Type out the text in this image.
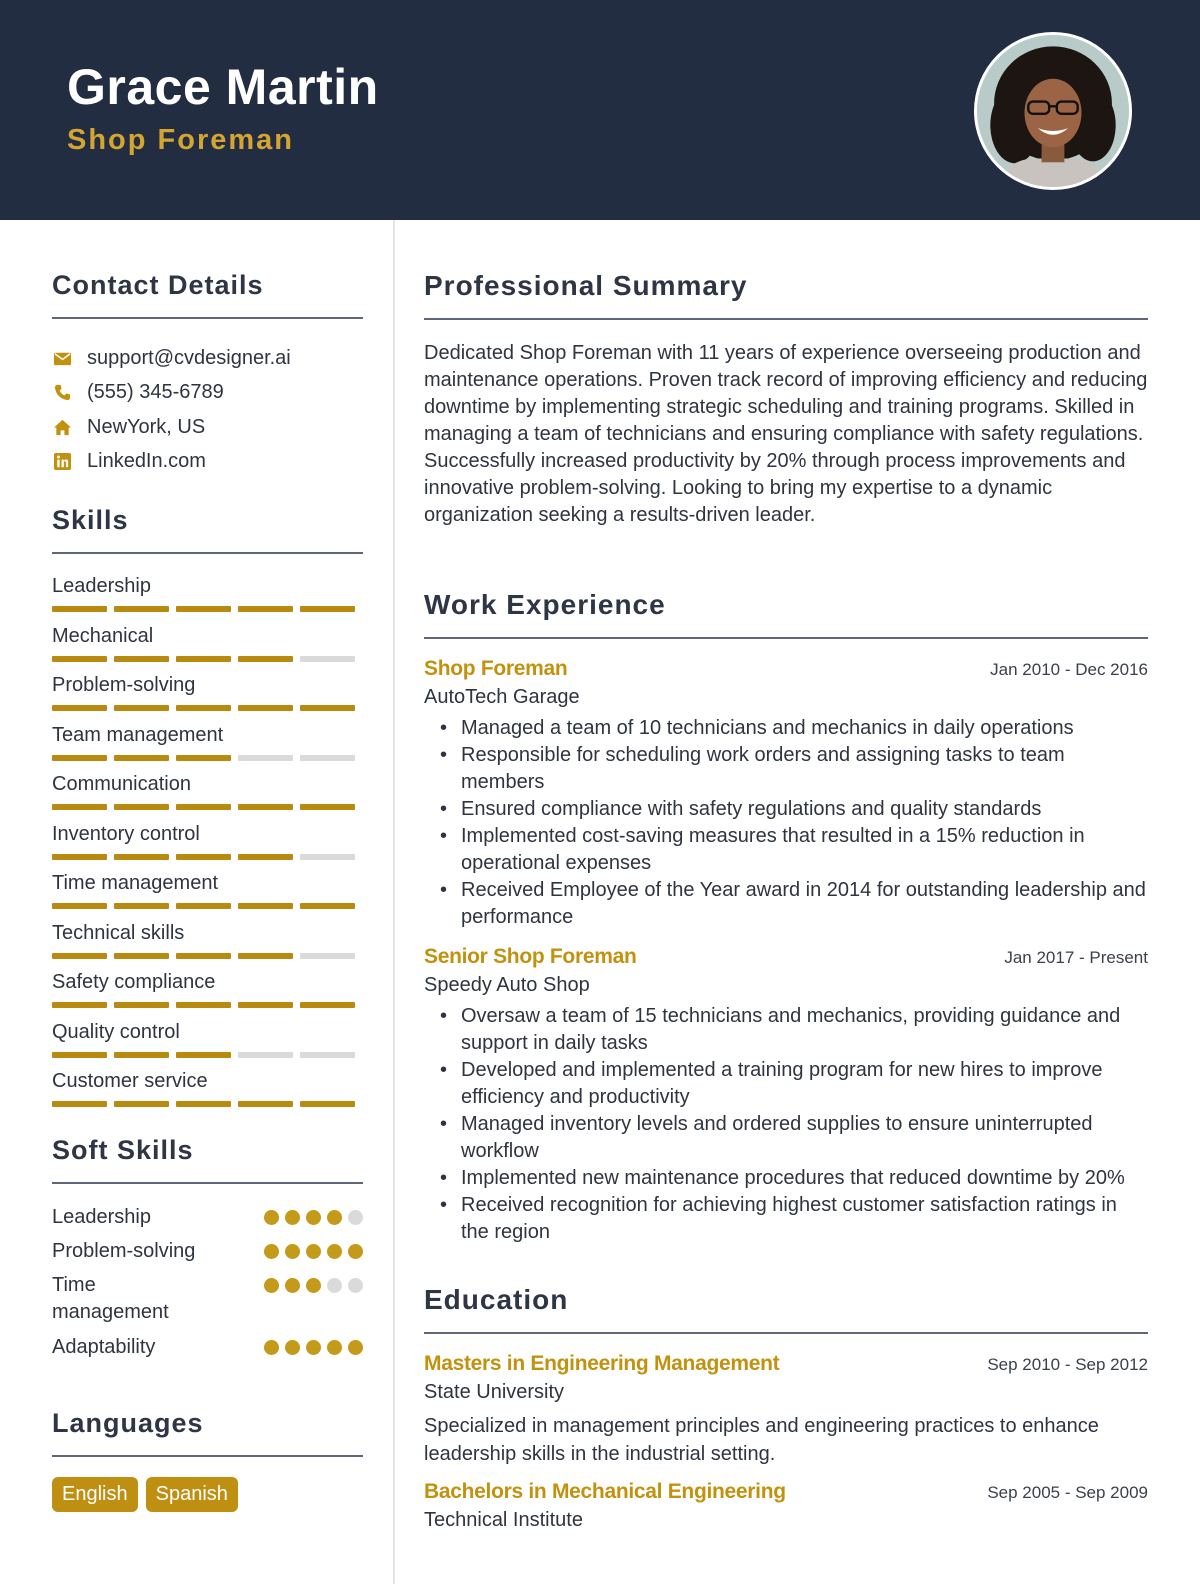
Grace Martin
Shop Foreman
Contact Details
support@cvdesigner.ai
(555) 345-6789
NewYork, US
LinkedIn.com
Skills
Leadership
Mechanical
Problem-solving
Team management
Communication
Inventory control
Time management
Technical skills
Safety compliance
Quality control
Customer service
Soft Skills
Leadership
Problem-solving
Time management
Adaptability
Languages
English	Spanish
Professional Summary
Dedicated Shop Foreman with 11 years of experience overseeing production and maintenance operations. Proven track record of improving efficiency and reducing downtime by implementing strategic scheduling and training programs. Skilled in managing a team of technicians and ensuring compliance with safety regulations. Successfully increased productivity by 20% through process improvements and innovative problem-solving. Looking to bring my expertise to a dynamic organization seeking a results-driven leader.
Work Experience
Shop Foreman	Jan 2010 - Dec 2016
AutoTech Garage
• Managed a team of 10 technicians and mechanics in daily operations
• Responsible for scheduling work orders and assigning tasks to team members
• Ensured compliance with safety regulations and quality standards
• Implemented cost-saving measures that resulted in a 15% reduction in operational expenses
• Received Employee of the Year award in 2014 for outstanding leadership and performance
Senior Shop Foreman	Jan 2017 - Present
Speedy Auto Shop
• Oversaw a team of 15 technicians and mechanics, providing guidance and support in daily tasks
• Developed and implemented a training program for new hires to improve efficiency and productivity
• Managed inventory levels and ordered supplies to ensure uninterrupted workflow
• Implemented new maintenance procedures that reduced downtime by 20%
• Received recognition for achieving highest customer satisfaction ratings in the region
Education
Masters in Engineering Management	Sep 2010 - Sep 2012
State University
Specialized in management principles and engineering practices to enhance leadership skills in the industrial setting.
Bachelors in Mechanical Engineering	Sep 2005 - Sep 2009
Technical Institute
